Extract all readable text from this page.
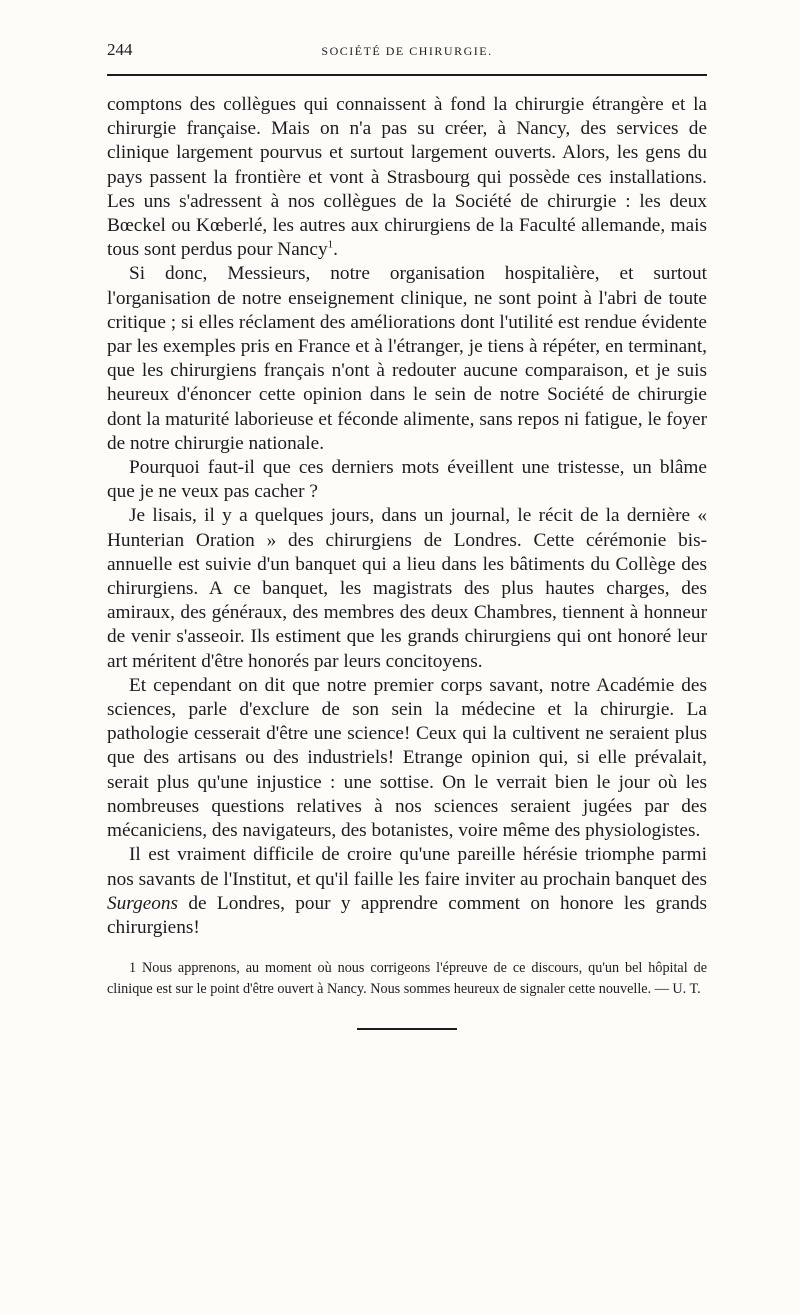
244	SOCIÉTÉ DE CHIRURGIE.

comptons des collègues qui connaissent à fond la chirurgie étrangère et la chirurgie française. Mais on n'a pas su créer, à Nancy, des services de clinique largement pourvus et surtout largement ouverts. Alors, les gens du pays passent la frontière et vont à Strasbourg qui possède ces installations. Les uns s'adressent à nos collègues de la Société de chirurgie : les deux Bœckel ou Kœberlé, les autres aux chirurgiens de la Faculté allemande, mais tous sont perdus pour Nancy$^1$.

Si donc, Messieurs, notre organisation hospitalière, et surtout l'organisation de notre enseignement clinique, ne sont point à l'abri de toute critique ; si elles réclament des améliorations dont l'utilité est rendue évidente par les exemples pris en France et à l'étranger, je tiens à répéter, en terminant, que les chirurgiens français n'ont à redouter aucune comparaison, et je suis heureux d'énoncer cette opinion dans le sein de notre Société de chirurgie dont la maturité laborieuse et féconde alimente, sans repos ni fatigue, le foyer de notre chirurgie nationale.

Pourquoi faut-il que ces derniers mots éveillent une tristesse, un blâme que je ne veux pas cacher ?

Je lisais, il y a quelques jours, dans un journal, le récit de la dernière « Hunterian Oration » des chirurgiens de Londres. Cette cérémonie bis-annuelle est suivie d'un banquet qui a lieu dans les bâtiments du Collège des chirurgiens. A ce banquet, les magistrats des plus hautes charges, des amiraux, des généraux, des membres des deux Chambres, tiennent à honneur de venir s'asseoir. Ils estiment que les grands chirurgiens qui ont honoré leur art méritent d'être honorés par leurs concitoyens.

Et cependant on dit que notre premier corps savant, notre Académie des sciences, parle d'exclure de son sein la médecine et la chirurgie. La pathologie cesserait d'être une science! Ceux qui la cultivent ne seraient plus que des artisans ou des industriels! Etrange opinion qui, si elle prévalait, serait plus qu'une injustice : une sottise. On le verrait bien le jour où les nombreuses questions relatives à nos sciences seraient jugées par des mécaniciens, des navigateurs, des botanistes, voire même des physiologistes.

Il est vraiment difficile de croire qu'une pareille hérésie triomphe parmi nos savants de l'Institut, et qu'il faille les faire inviter au prochain banquet des Surgeons de Londres, pour y apprendre comment on honore les grands chirurgiens!

1 Nous apprenons, au moment où nous corrigeons l'épreuve de ce discours, qu'un bel hôpital de clinique est sur le point d'être ouvert à Nancy. Nous sommes heureux de signaler cette nouvelle. — U. T.
